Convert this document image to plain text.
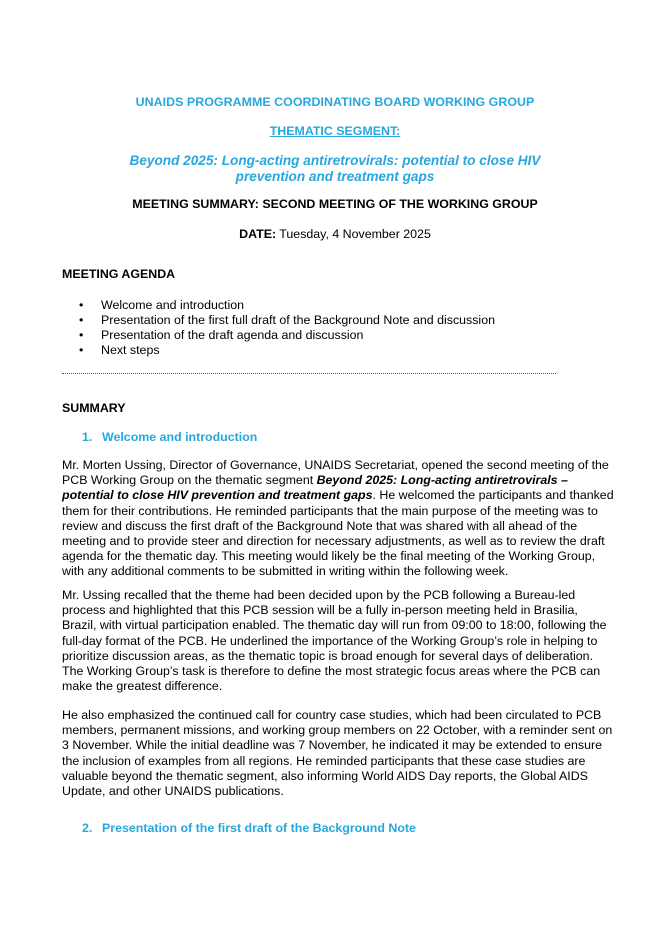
UNAIDS PROGRAMME COORDINATING BOARD WORKING GROUP
THEMATIC SEGMENT:
Beyond 2025: Long-acting antiretrovirals: potential to close HIV prevention and treatment gaps
MEETING SUMMARY: SECOND MEETING OF THE WORKING GROUP
DATE: Tuesday, 4 November 2025
MEETING AGENDA
• Welcome and introduction
• Presentation of the first full draft of the Background Note and discussion
• Presentation of the draft agenda and discussion
• Next steps
SUMMARY
1. Welcome and introduction
Mr. Morten Ussing, Director of Governance, UNAIDS Secretariat, opened the second meeting of the PCB Working Group on the thematic segment Beyond 2025: Long-acting antiretrovirals – potential to close HIV prevention and treatment gaps. He welcomed the participants and thanked them for their contributions. He reminded participants that the main purpose of the meeting was to review and discuss the first draft of the Background Note that was shared with all ahead of the meeting and to provide steer and direction for necessary adjustments, as well as to review the draft agenda for the thematic day. This meeting would likely be the final meeting of the Working Group, with any additional comments to be submitted in writing within the following week.
Mr. Ussing recalled that the theme had been decided upon by the PCB following a Bureau-led process and highlighted that this PCB session will be a fully in-person meeting held in Brasilia, Brazil, with virtual participation enabled. The thematic day will run from 09:00 to 18:00, following the full-day format of the PCB. He underlined the importance of the Working Group’s role in helping to prioritize discussion areas, as the thematic topic is broad enough for several days of deliberation. The Working Group’s task is therefore to define the most strategic focus areas where the PCB can make the greatest difference.
He also emphasized the continued call for country case studies, which had been circulated to PCB members, permanent missions, and working group members on 22 October, with a reminder sent on 3 November. While the initial deadline was 7 November, he indicated it may be extended to ensure the inclusion of examples from all regions. He reminded participants that these case studies are valuable beyond the thematic segment, also informing World AIDS Day reports, the Global AIDS Update, and other UNAIDS publications.
2. Presentation of the first draft of the Background Note
